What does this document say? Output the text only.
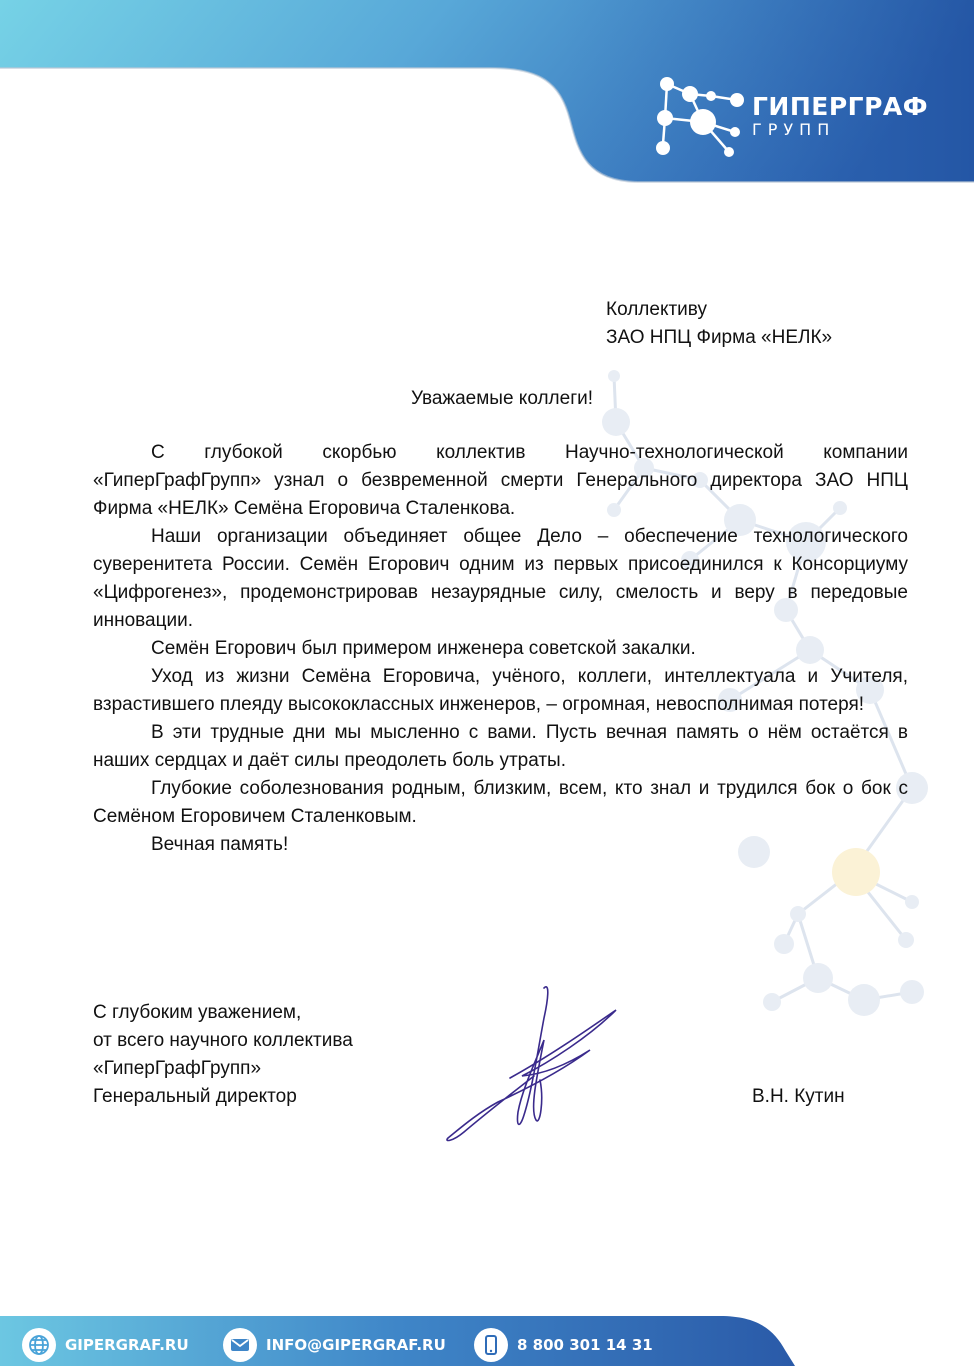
ГИПЕРГРАФ
ГРУПП
Коллективу
ЗАО НПЦ Фирма «НЕЛК»
Уважаемые коллеги!

С глубокой скорбью коллектив Научно-технологической компании «ГиперГрафГрупп» узнал о безвременной смерти Генерального директора ЗАО НПЦ Фирма «НЕЛК» Семёна Егоровича Сталенкова.

Наши организации объединяет общее Дело – обеспечение технологического суверенитета России. Семён Егорович одним из первых присоединился к Консорциуму «Цифрогенез», продемонстрировав незаурядные силу, смелость и веру в передовые инновации.

Семён Егорович был примером инженера советской закалки.

Уход из жизни Семёна Егоровича, учёного, коллеги, интеллектуала и Учителя, взрастившего плеяду высококлассных инженеров, – огромная, невосполнимая потеря!

В эти трудные дни мы мысленно с вами. Пусть вечная память о нём остаётся в наших сердцах и даёт силы преодолеть боль утраты.

Глубокие соболезнования родным, близким, всем, кто знал и трудился бок о бок с Семёном Егоровичем Сталенковым.

Вечная память!

С глубоким уважением,
от всего научного коллектива
«ГиперГрафГрупп»
Генеральный директор	В.Н. Кутин
GIPERGRAF.RU	INFO@GIPERGRAF.RU	8 800 301 14 31
